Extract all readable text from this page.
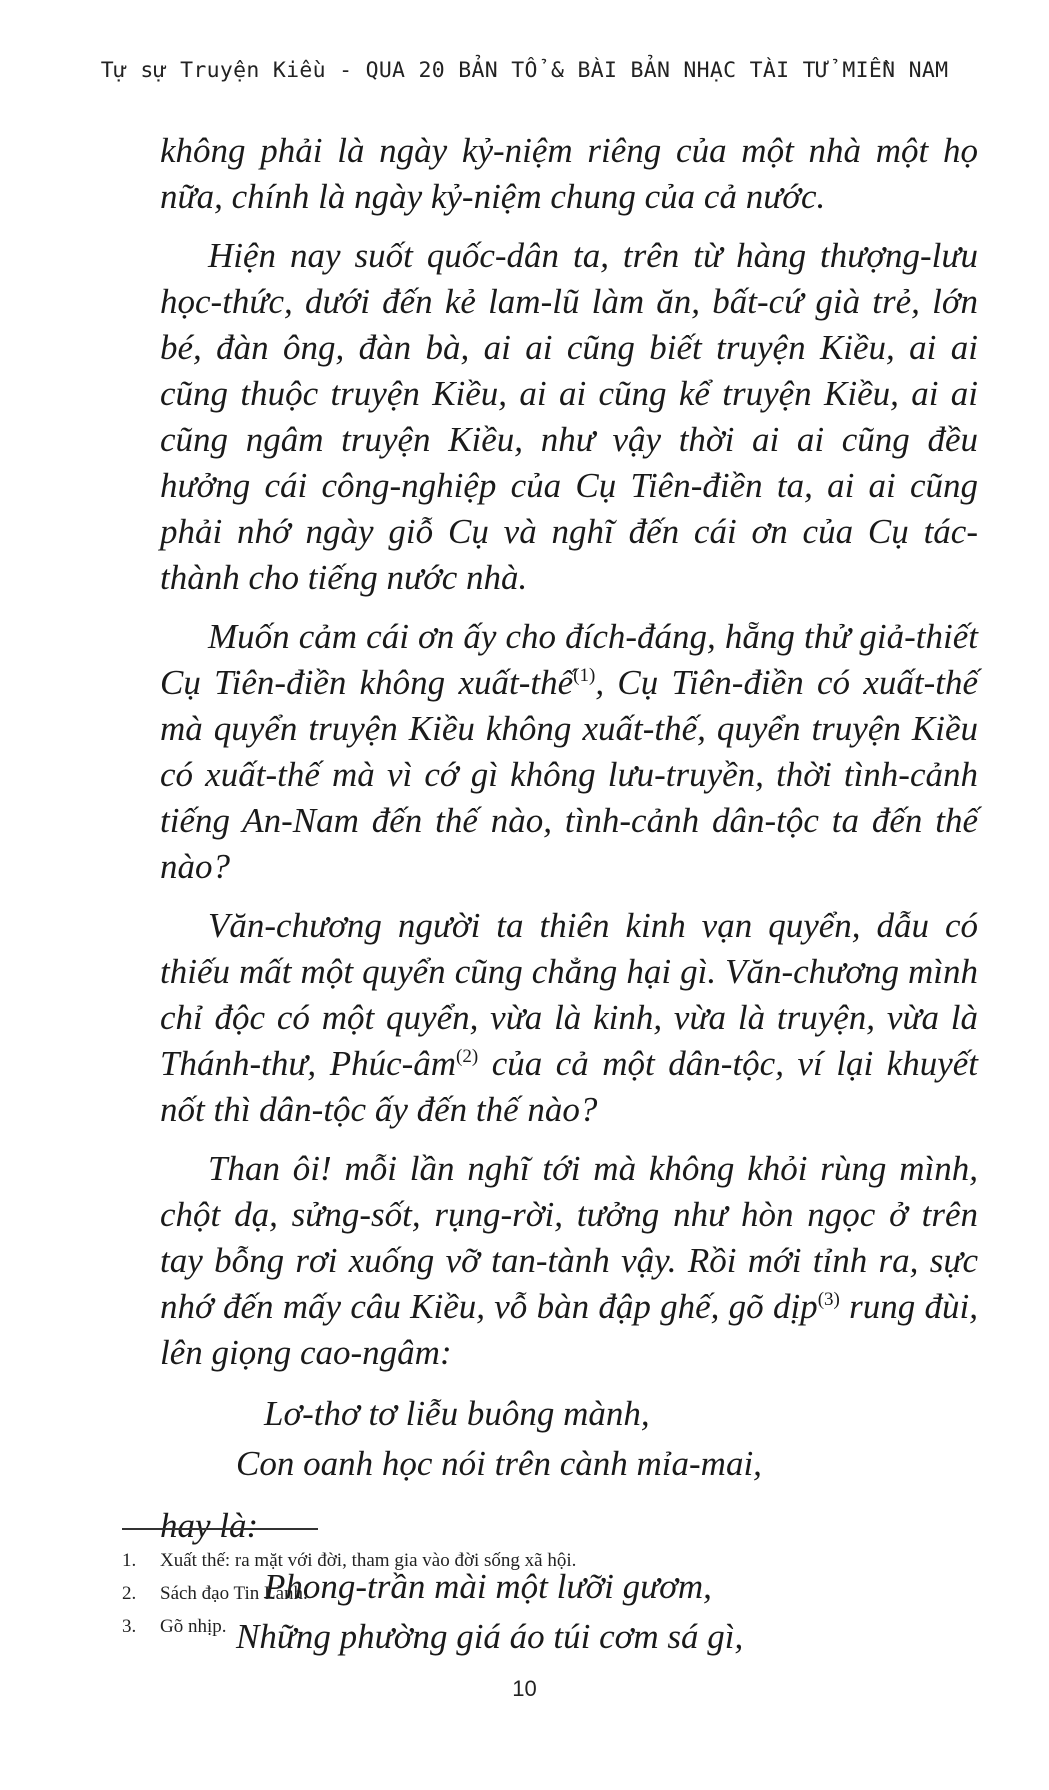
Tự sự Truyện Kiều - QUA 20 BẢN TỔ & BÀI BẢN NHẠC TÀI TỬ MIỀN NAM

không phải là ngày kỷ-niệm riêng của một nhà một họ nữa, chính là ngày kỷ-niệm chung của cả nước.

Hiện nay suốt quốc-dân ta, trên từ hàng thượng-lưu học-thức, dưới đến kẻ lam-lũ làm ăn, bất-cứ già trẻ, lớn bé, đàn ông, đàn bà, ai ai cũng biết truyện Kiều, ai ai cũng thuộc truyện Kiều, ai ai cũng kể truyện Kiều, ai ai cũng ngâm truyện Kiều, như vậy thời ai ai cũng đều hưởng cái công-nghiệp của Cụ Tiên-điền ta, ai ai cũng phải nhớ ngày giỗ Cụ và nghĩ đến cái ơn của Cụ tác-thành cho tiếng nước nhà.

Muốn cảm cái ơn ấy cho đích-đáng, hẵng thử giả-thiết Cụ Tiên-điền không xuất-thế$^{(1)}$, Cụ Tiên-điền có xuất-thế mà quyển truyện Kiều không xuất-thế, quyển truyện Kiều có xuất-thế mà vì cớ gì không lưu-truyền, thời tình-cảnh tiếng An-Nam đến thế nào, tình-cảnh dân-tộc ta đến thế nào?

Văn-chương người ta thiên kinh vạn quyển, dẫu có thiếu mất một quyển cũng chẳng hại gì. Văn-chương mình chỉ độc có một quyển, vừa là kinh, vừa là truyện, vừa là Thánh-thư, Phúc-$âm^{(2)}$ của cả một dân-tộc, ví lại khuyết nốt thì dân-tộc ấy đến thế nào?

Than ôi! mỗi lần nghĩ tới mà không khỏi rùng mình, chột dạ, sửng-sốt, rụng-rời, tưởng như hòn ngọc ở trên tay bỗng rơi xuống vỡ tan-tành vậy. Rồi mới tỉnh ra, sực nhớ đến mấy câu Kiều, vỗ bàn đập ghế, gõ dịp$^{(3)}$ rung đùi, lên giọng cao-ngâm:

Lơ-thơ tơ liễu buông mành,
Con oanh học nói trên cành mỉa-mai,

hay là:

Phong-trần mài một lưỡi gươm,
Những phường giá áo túi cơm sá gì,
1.	Xuất thế: ra mặt với đời, tham gia vào đời sống xã hội.
2.	Sách đạo Tin Lành.
3.	Gõ nhịp.
10
